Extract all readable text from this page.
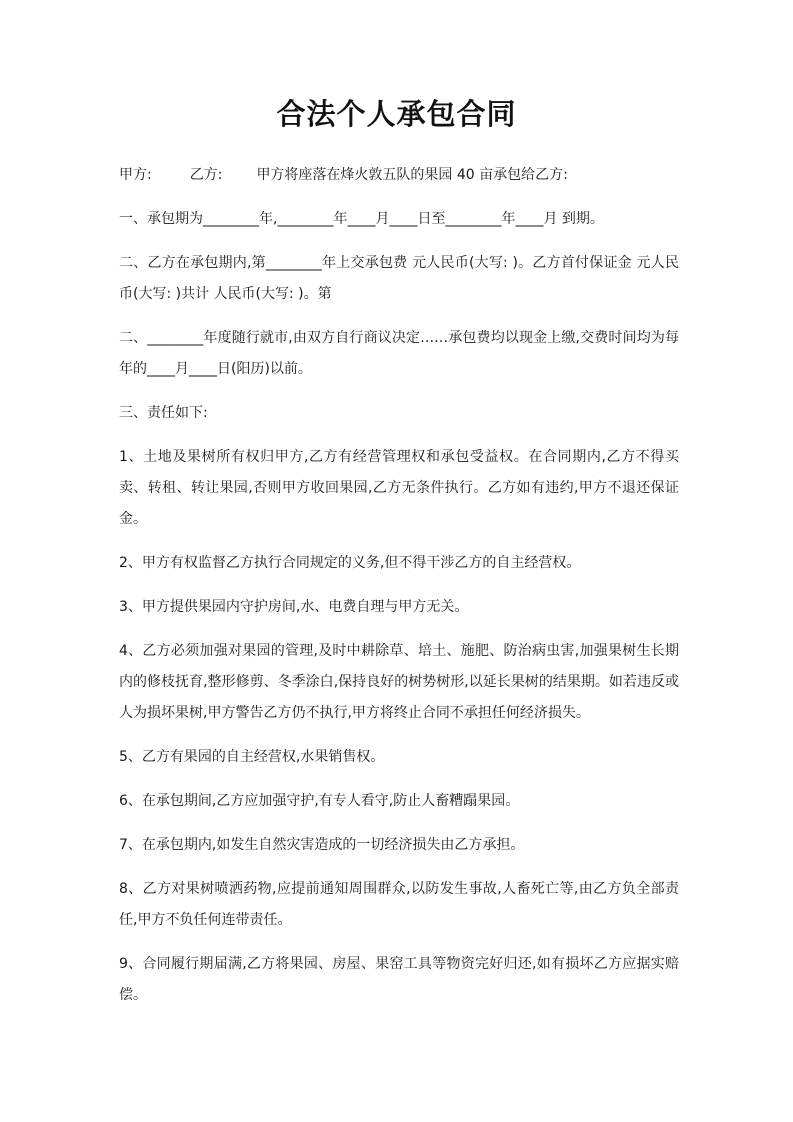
合法个人承包合同

甲方:	乙方: 甲方将座落在烽火敦五队的果园 40 亩承包给乙方:

一、承包期为________年,________年____月____日至________年____月 到期。

二、乙方在承包期内,第________年上交承包费 元人民币(大写: )。乙方首付保证金 元人民币(大写: )共计 人民币(大写: )。第

二、________年度随行就市,由双方自行商议决定……承包费均以现金上缴,交费时间均为每年的____月____日(阳历)以前。

三、责任如下:

1、土地及果树所有权归甲方,乙方有经营管理权和承包受益权。在合同期内,乙方不得买卖、转租、转让果园,否则甲方收回果园,乙方无条件执行。乙方如有违约,甲方不退还保证金。

2、甲方有权监督乙方执行合同规定的义务,但不得干涉乙方的自主经营权。

3、甲方提供果园内守护房间,水、电费自理与甲方无关。

4、乙方必须加强对果园的管理,及时中耕除草、培土、施肥、防治病虫害,加强果树生长期内的修枝抚育,整形修剪、冬季涂白,保持良好的树势树形,以延长果树的结果期。如若违反或人为损坏果树,甲方警告乙方仍不执行,甲方将终止合同不承担任何经济损失。

5、乙方有果园的自主经营权,水果销售权。

6、在承包期间,乙方应加强守护,有专人看守,防止人畜糟蹋果园。

7、在承包期内,如发生自然灾害造成的一切经济损失由乙方承担。

8、乙方对果树喷洒药物,应提前通知周围群众,以防发生事故,人畜死亡等,由乙方负全部责任,甲方不负任何连带责任。

9、合同履行期届满,乙方将果园、房屋、果窑工具等物资完好归还,如有损坏乙方应据实赔偿。
